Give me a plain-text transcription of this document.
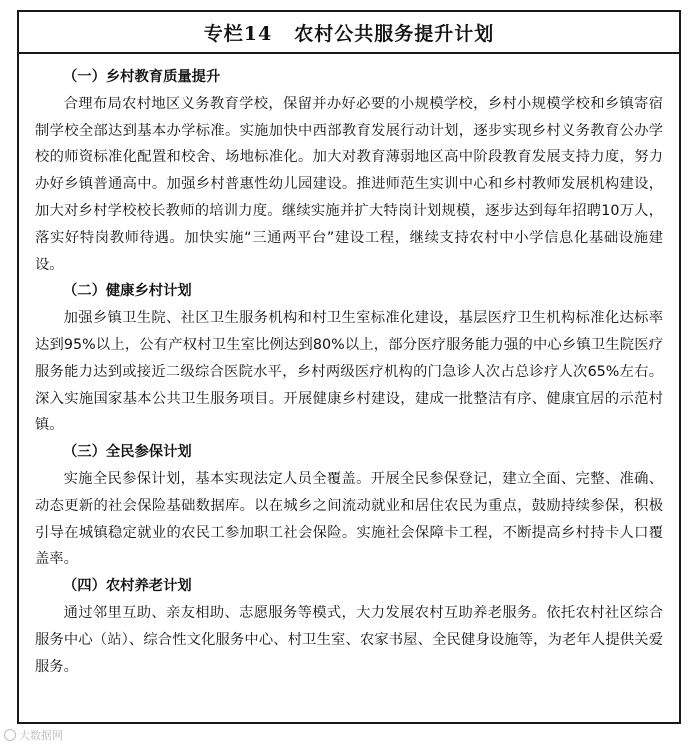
专栏14 农村公共服务提升计划

（一）乡村教育质量提升

合理布局农村地区义务教育学校，保留并办好必要的小规模学校，乡村小规模学校和乡镇寄宿制学校全部达到基本办学标准。实施加快中西部教育发展行动计划，逐步实现乡村义务教育公办学校的师资标准化配置和校舍、场地标准化。加大对教育薄弱地区高中阶段教育发展支持力度，努力办好乡镇普通高中。加强乡村普惠性幼儿园建设。推进师范生实训中心和乡村教师发展机构建设，加大对乡村学校校长教师的培训力度。继续实施并扩大特岗计划规模，逐步达到每年招聘10万人，落实好特岗教师待遇。加快实施“三通两平台”建设工程，继续支持农村中小学信息化基础设施建设。

（二）健康乡村计划

加强乡镇卫生院、社区卫生服务机构和村卫生室标准化建设，基层医疗卫生机构标准化达标率达到95%以上，公有产权村卫生室比例达到80%以上，部分医疗服务能力强的中心乡镇卫生院医疗服务能力达到或接近二级综合医院水平，乡村两级医疗机构的门急诊人次占总诊疗人次65%左右。深入实施国家基本公共卫生服务项目。开展健康乡村建设，建成一批整洁有序、健康宜居的示范村镇。

（三）全民参保计划

实施全民参保计划，基本实现法定人员全覆盖。开展全民参保登记，建立全面、完整、准确、动态更新的社会保险基础数据库。以在城乡之间流动就业和居住农民为重点，鼓励持续参保，积极引导在城镇稳定就业的农民工参加职工社会保险。实施社会保障卡工程，不断提高乡村持卡人口覆盖率。

（四）农村养老计划

通过邻里互助、亲友相助、志愿服务等模式，大力发展农村互助养老服务。依托农村社区综合服务中心（站）、综合性文化服务中心、村卫生室、农家书屋、全民健身设施等，为老年人提供关爱服务。

大数据网
